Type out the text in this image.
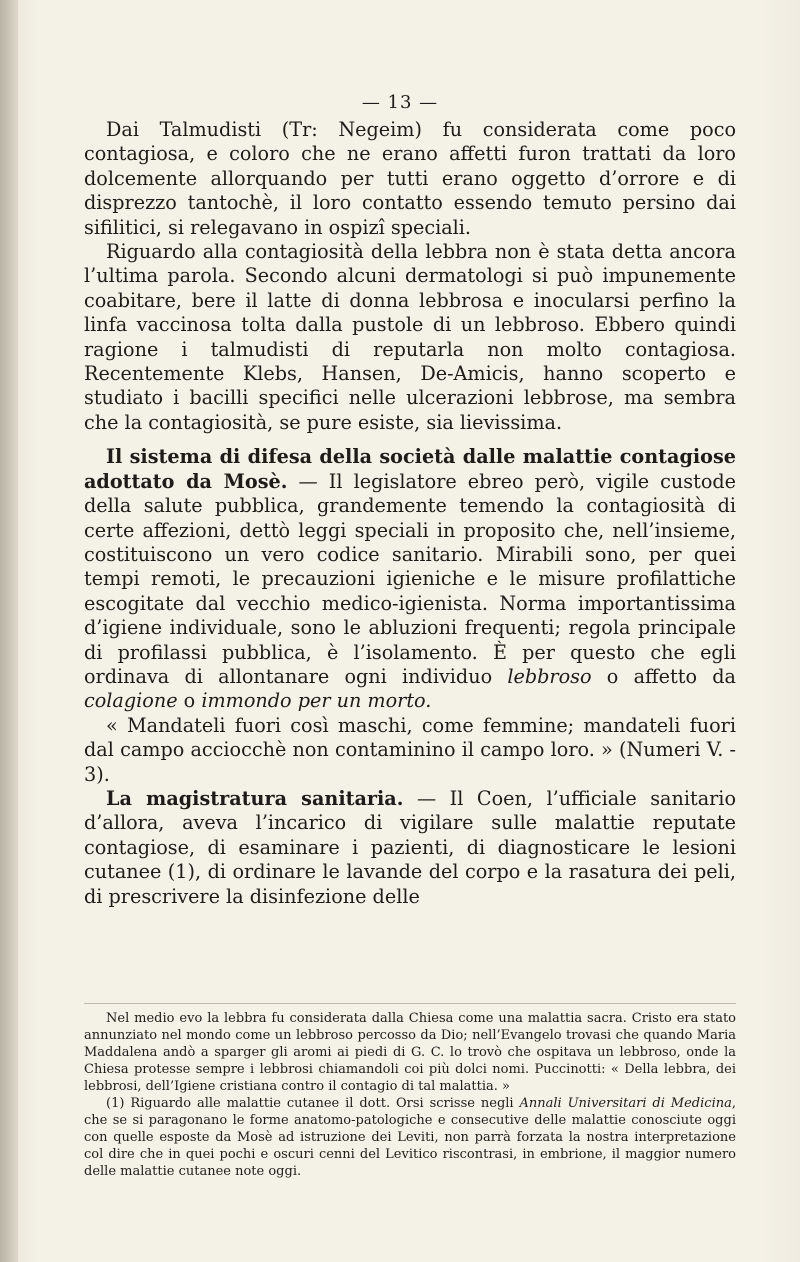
— 13 —

Dai Talmudisti (Tr: Negeim) fu considerata come poco contagiosa, e coloro che ne erano affetti furon trattati da loro dolcemente allorquando per tutti erano oggetto d’orrore e di disprezzo tantochè, il loro contatto essendo temuto persino dai sifilitici, si relegavano in ospizî speciali.

Riguardo alla contagiosità della lebbra non è stata detta ancora l’ultima parola. Secondo alcuni dermatologi si può impunemente coabitare, bere il latte di donna lebbrosa e inocularsi perfino la linfa vaccinosa tolta dalla pustole di un lebbroso. Ebbero quindi ragione i talmudisti di reputarla non molto contagiosa. Recentemente Klebs, Hansen, De-Amicis, hanno scoperto e studiato i bacilli specifici nelle ulcerazioni lebbrose, ma sembra che la contagiosità, se pure esiste, sia lievissima.

Il sistema di difesa della società dalle malattie contagiose adottato da Mosè. — Il legislatore ebreo però, vigile custode della salute pubblica, grandemente temendo la contagiosità di certe affezioni, dettò leggi speciali in proposito che, nell’insieme, costituiscono un vero codice sanitario. Mirabili sono, per quei tempi remoti, le precauzioni igieniche e le misure profilattiche escogitate dal vecchio medico-igienista. Norma importantissima d’igiene individuale, sono le abluzioni frequenti; regola principale di profilassi pubblica, è l’isolamento. È per questo che egli ordinava di allontanare ogni individuo lebbroso o affetto da colagione o immondo per un morto.

« Mandateli fuori così maschi, come femmine; mandateli fuori dal campo acciocchè non contaminino il campo loro. » (Numeri V. - 3).

La magistratura sanitaria. — Il Coen, l’ufficiale sanitario d’allora, aveva l’incarico di vigilare sulle malattie reputate contagiose, di esaminare i pazienti, di diagnosticare le lesioni cutanee (1), di ordinare le lavande del corpo e la rasatura dei peli, di prescrivere la disinfezione delle

Nel medio evo la lebbra fu considerata dalla Chiesa come una malattia sacra. Cristo era stato annunziato nel mondo come un lebbroso percosso da Dio; nell’Evangelo trovasi che quando Maria Maddalena andò a sparger gli aromi ai piedi di G. C. lo trovò che ospitava un lebbroso, onde la Chiesa protesse sempre i lebbrosi chiamandoli coi più dolci nomi. Puccinotti: « Della lebbra, dei lebbrosi, dell’Igiene cristiana contro il contagio di tal malattia. »

(1) Riguardo alle malattie cutanee il dott. Orsi scrisse negli Annali Universitari di Medicina, che se si paragonano le forme anatomo-patologiche e consecutive delle malattie conosciute oggi con quelle esposte da Mosè ad istruzione dei Leviti, non parrà forzata la nostra interpretazione col dire che in quei pochi e oscuri cenni del Levitico riscontrasi, in embrione, il maggior numero delle malattie cutanee note oggi.
